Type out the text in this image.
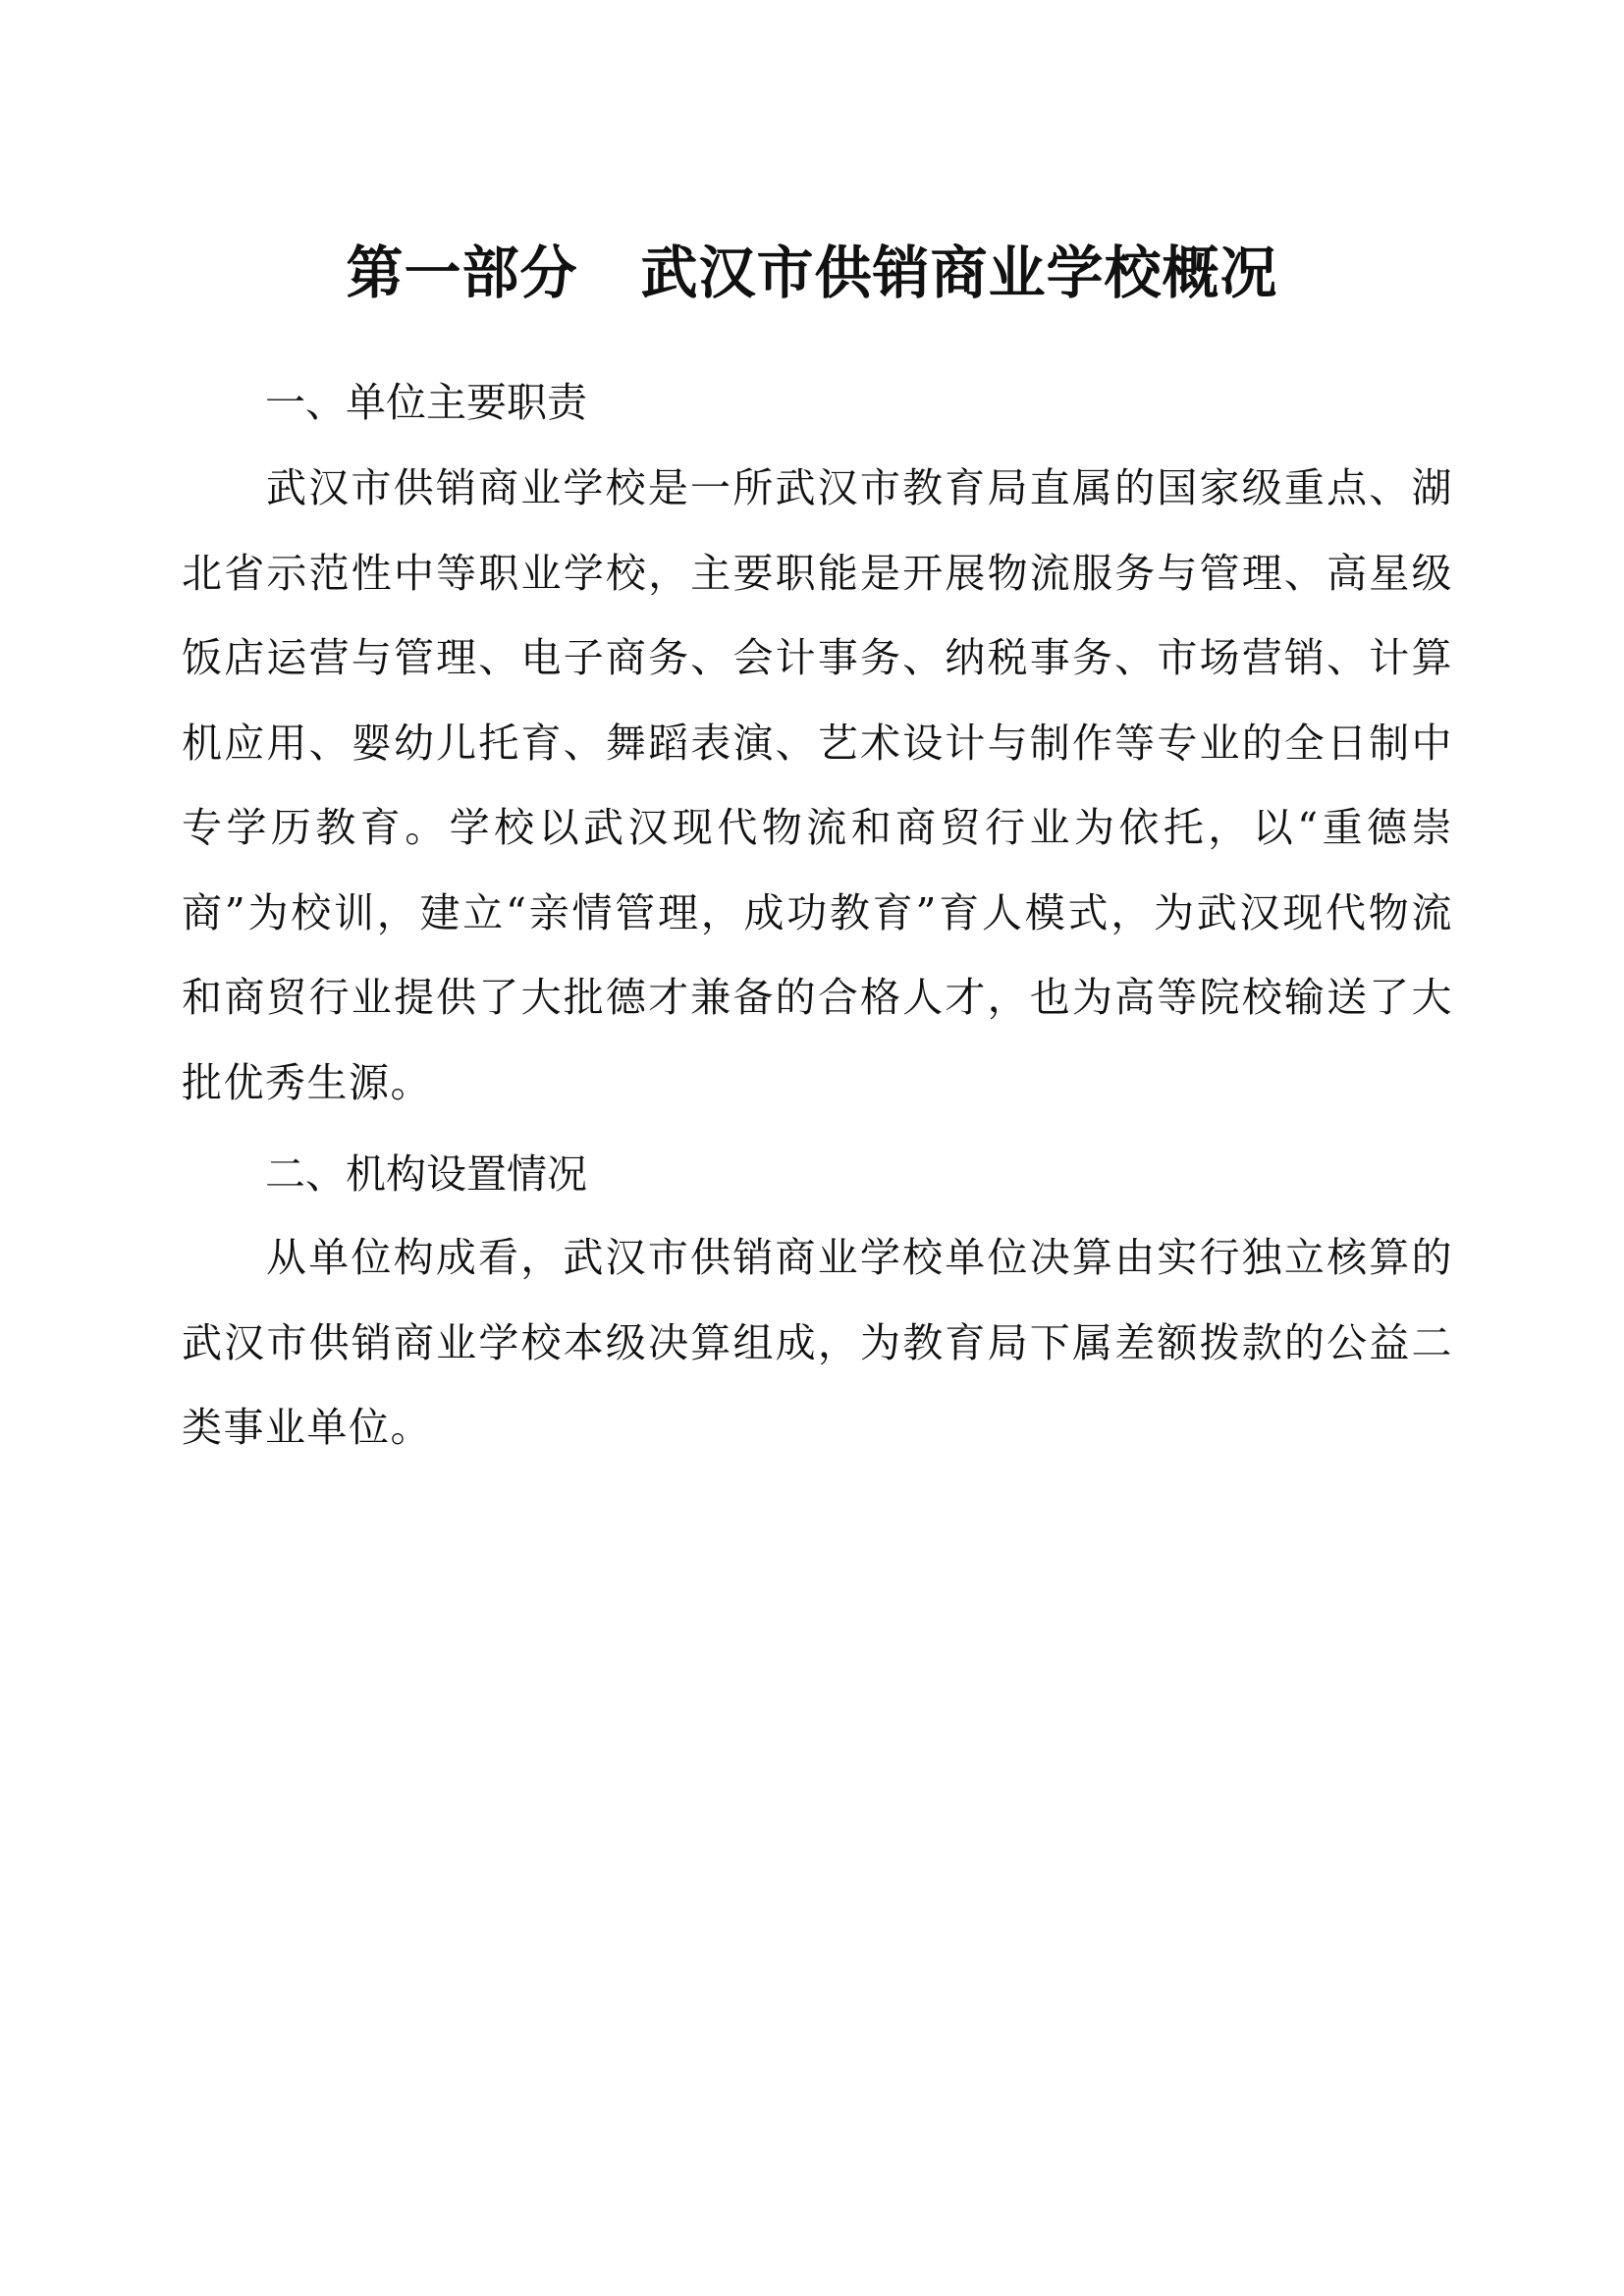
第一部分 武汉市供销商业学校概况
一、单位主要职责

武汉市供销商业学校是一所武汉市教育局直属的国家级重点、湖北省示范性中等职业学校，主要职能是开展物流服务与管理、高星级饭店运营与管理、电子商务、会计事务、纳税事务、市场营销、计算机应用、婴幼儿托育、舞蹈表演、艺术设计与制作等专业的全日制中专学历教育。学校以武汉现代物流和商贸行业为依托，以“重德崇商”为校训，建立“亲情管理，成功教育”育人模式，为武汉现代物流和商贸行业提供了大批德才兼备的合格人才，也为高等院校输送了大批优秀生源。

二、机构设置情况

从单位构成看，武汉市供销商业学校单位决算由实行独立核算的武汉市供销商业学校本级决算组成，为教育局下属差额拨款的公益二类事业单位。
